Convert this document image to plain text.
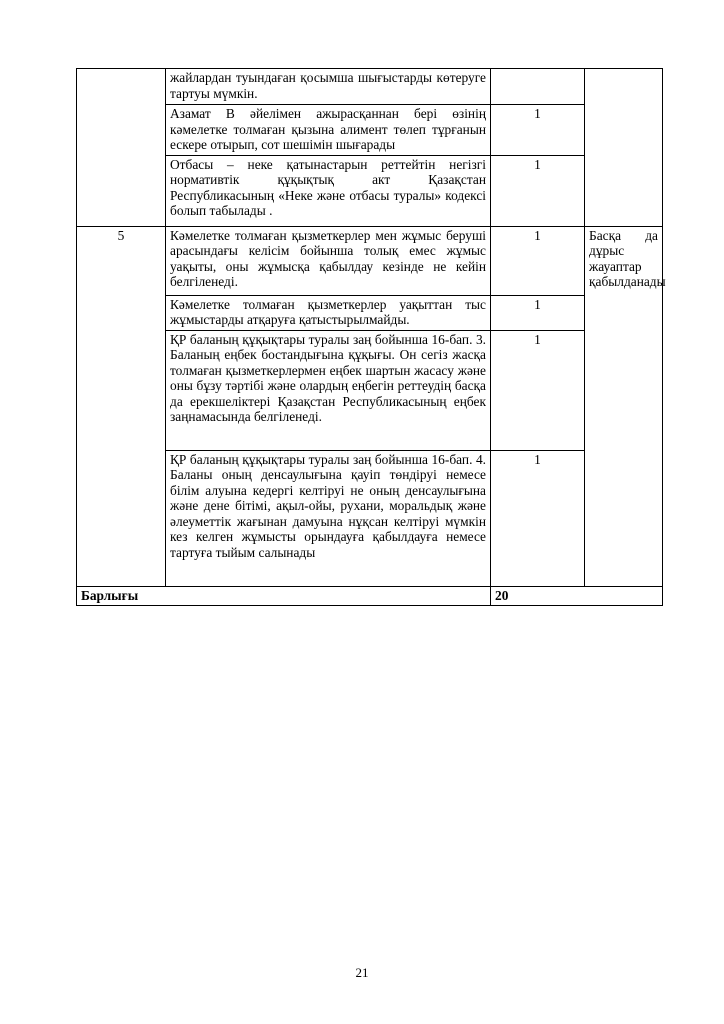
	жайлардан туындаған қосымша шығыстарды көтеруге тартуы мүмкін.		
	Азамат В әйелімен ажырасқаннан бері өзінің кәмелетке толмаған қызына алимент төлеп тұрғанын ескере отырып, сот шешімін шығарады	1	
	Отбасы – неке қатынастарын реттейтін негізгі нормативтік құқықтық акт Қазақстан Республикасының «Неке және отбасы туралы» кодексі болып табылады .	1	
5	Кәмелетке толмаған қызметкерлер мен жұмыс беруші арасындағы келісім бойынша толық емес жұмыс уақыты, оны жұмысқа қабылдау кезінде не кейін белгіленеді.	1	Басқа да дұрыс жауаптар қабылданады
	Кәмелетке толмаған қызметкерлер уақыттан тыс жұмыстарды атқаруға қатыстырылмайды.	1	
	ҚР баланың құқықтары туралы заң бойынша 16-бап. 3. Баланың еңбек бостандығына құқығы. Он сегіз жасқа толмаған қызметкерлермен еңбек шартын жасасу және оны бұзу тәртібі және олардың еңбегін реттеудің басқа да ерекшеліктері Қазақстан Республикасының еңбек заңнамасында белгіленеді.	1	
	ҚР баланың құқықтары туралы заң бойынша 16-бап. 4. Баланы оның денсаулығына қауіп төндіруі немесе білім алуына кедергі келтіруі не оның денсаулығына және дене бітімі, ақыл-ойы, рухани, моральдық және әлеуметтік жағынан дамуына нұқсан келтіруі мүмкін кез келген жұмысты орындауға қабылдауға немесе тартуға тыйым салынады	1	
Барлығы		20	
21
